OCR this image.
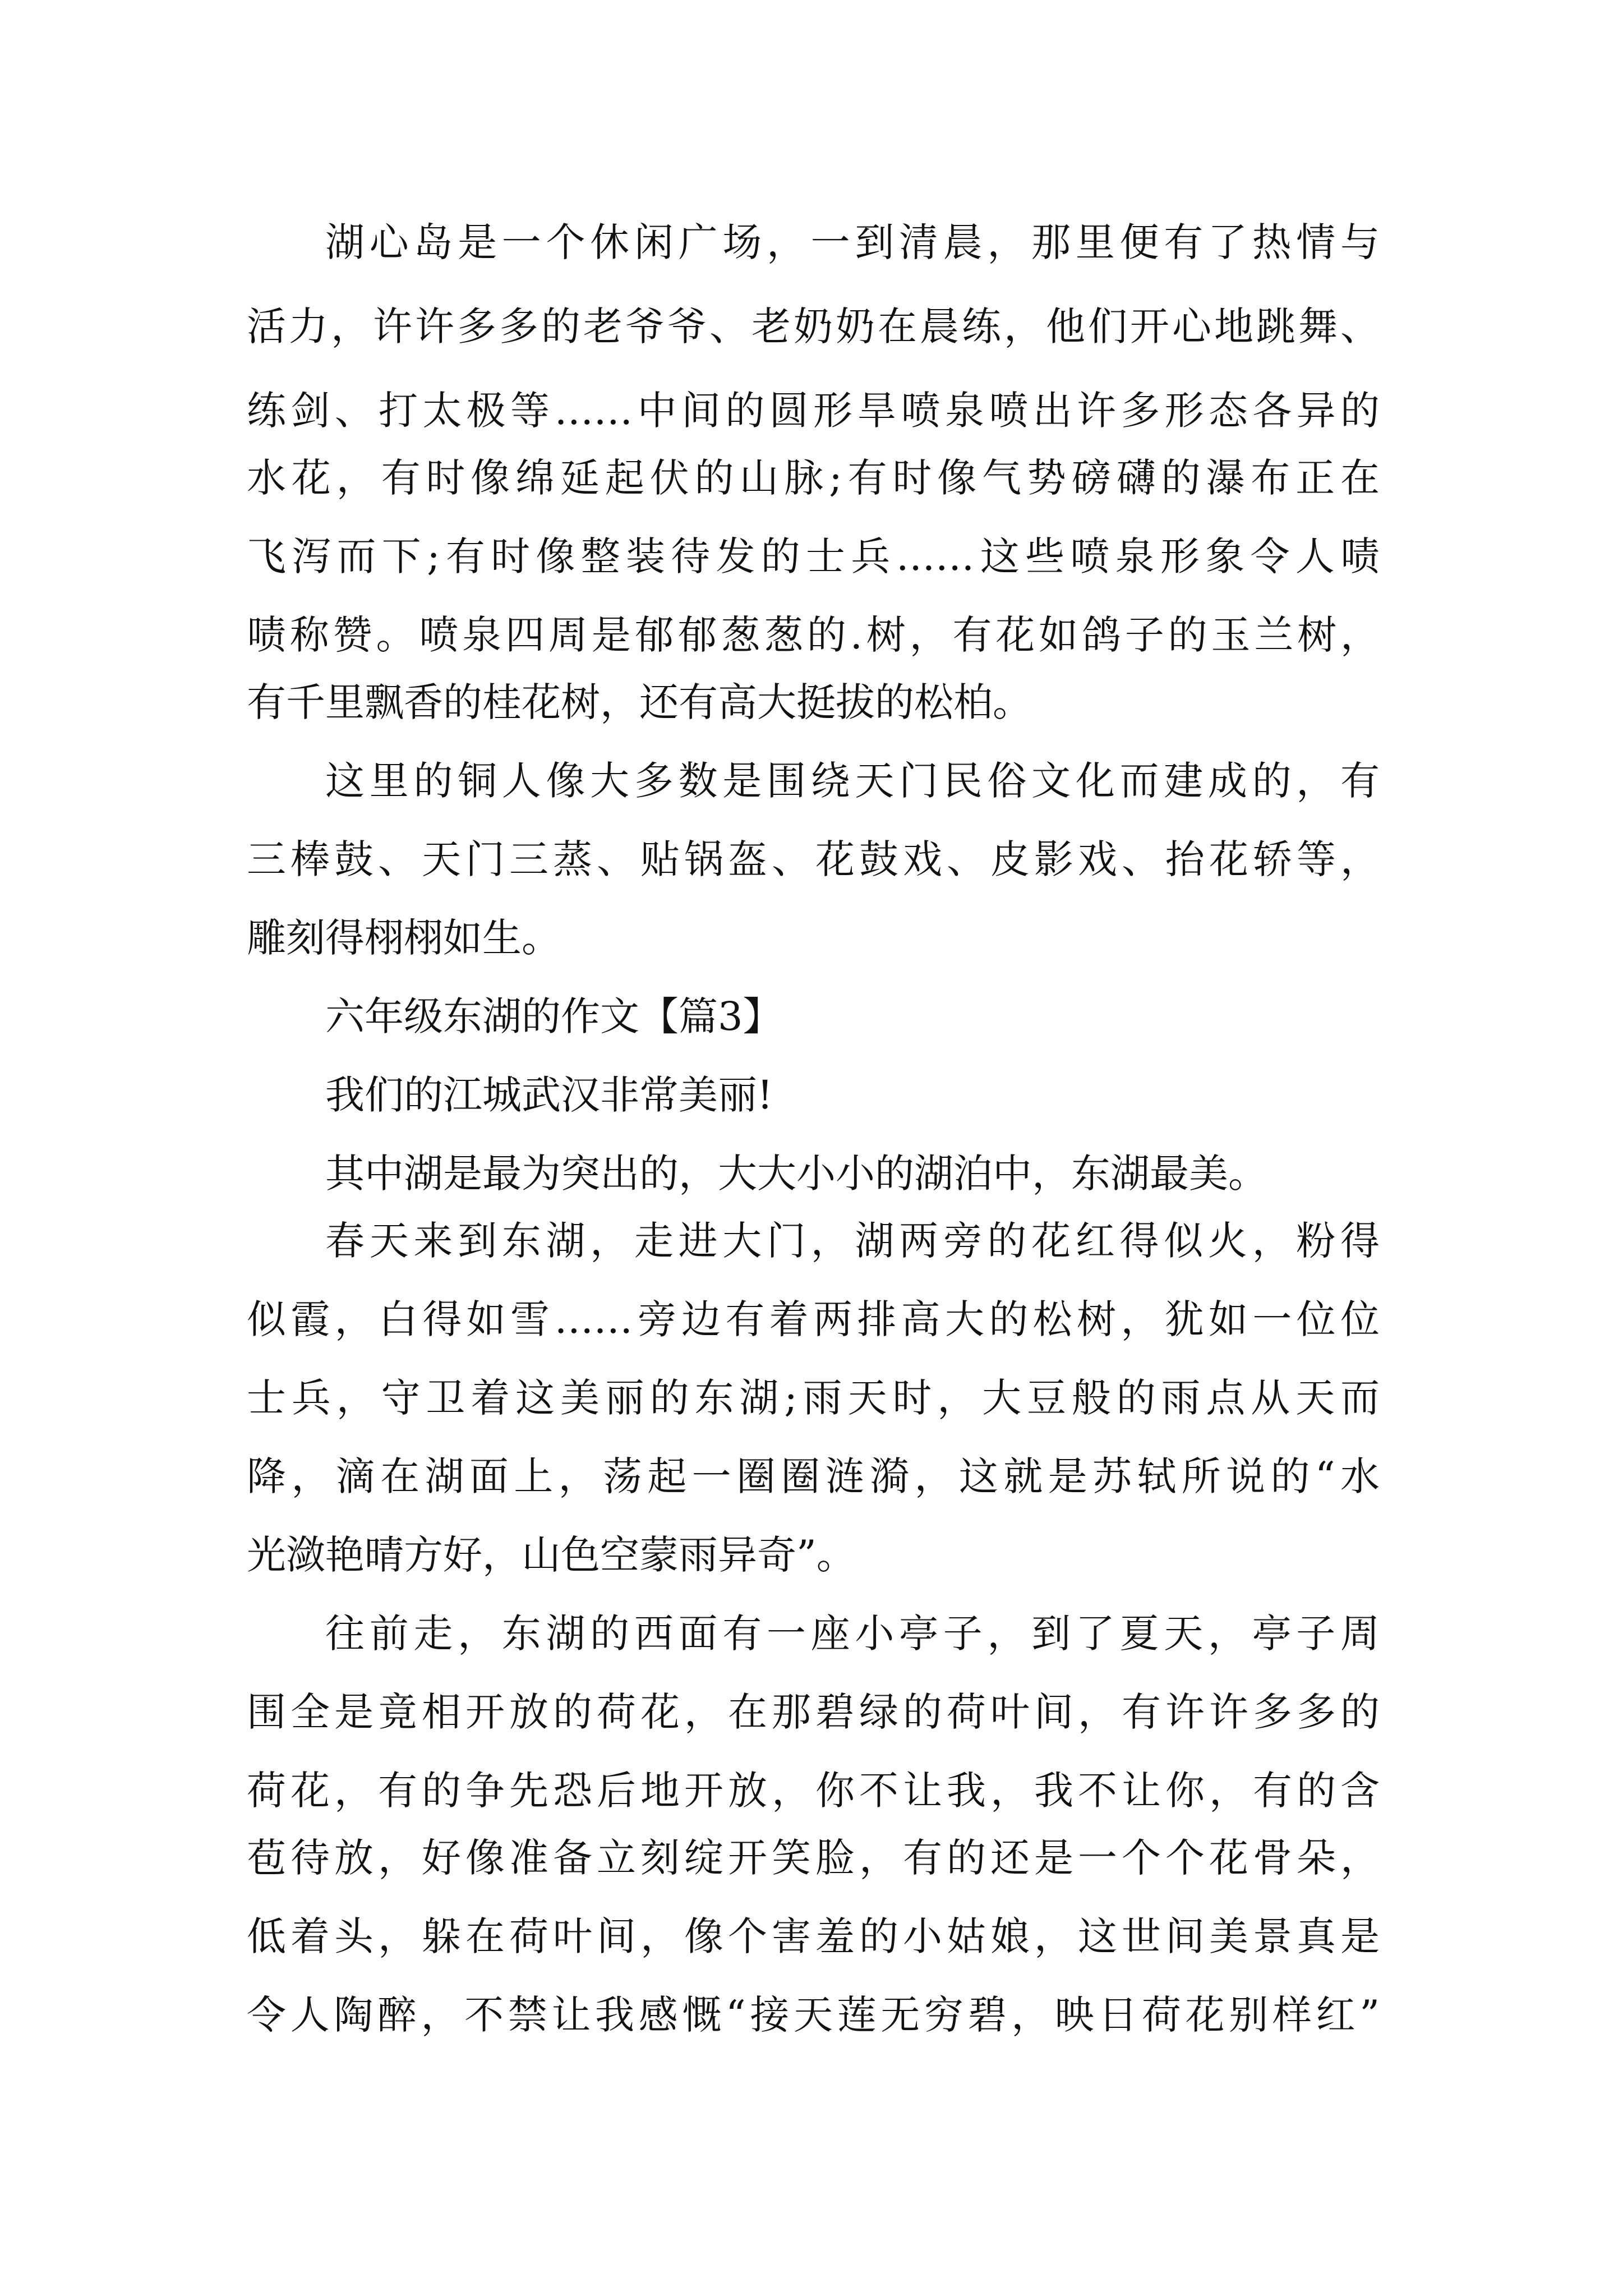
湖心岛是一个休闲广场，一到清晨，那里便有了热情与
活力，许许多多的老爷爷、老奶奶在晨练，他们开心地跳舞、
练剑、打太极等……中间的圆形旱喷泉喷出许多形态各异的
水花，有时像绵延起伏的山脉;有时像气势磅礴的瀑布正在
飞泻而下;有时像整装待发的士兵……这些喷泉形象令人啧
啧称赞。喷泉四周是郁郁葱葱的.树，有花如鸽子的玉兰树，
有千里飘香的桂花树，还有高大挺拔的松柏。
这里的铜人像大多数是围绕天门民俗文化而建成的，有
三棒鼓、天门三蒸、贴锅盔、花鼓戏、皮影戏、抬花轿等，
雕刻得栩栩如生。
六年级东湖的作文【篇3】
我们的江城武汉非常美丽!
其中湖是最为突出的，大大小小的湖泊中，东湖最美。
春天来到东湖，走进大门，湖两旁的花红得似火，粉得
似霞，白得如雪……旁边有着两排高大的松树，犹如一位位
士兵，守卫着这美丽的东湖;雨天时，大豆般的雨点从天而
降，滴在湖面上，荡起一圈圈涟漪，这就是苏轼所说的“水
光潋艳晴方好，山色空蒙雨异奇”。
往前走，东湖的西面有一座小亭子，到了夏天，亭子周
围全是竟相开放的荷花，在那碧绿的荷叶间，有许许多多的
荷花，有的争先恐后地开放，你不让我，我不让你，有的含
苞待放，好像准备立刻绽开笑脸，有的还是一个个花骨朵，
低着头，躲在荷叶间，像个害羞的小姑娘，这世间美景真是
令人陶醉，不禁让我感慨“接天莲无穷碧，映日荷花别样红”
